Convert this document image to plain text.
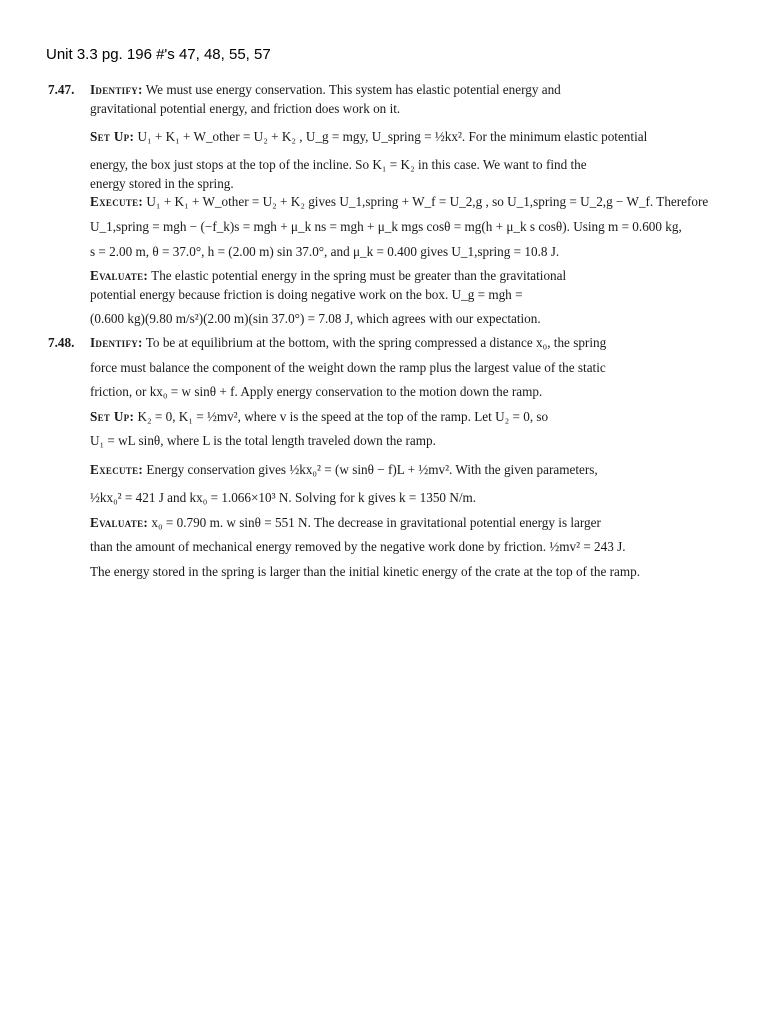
Unit 3.3 pg. 196 #'s 47, 48, 55, 57
7.47.	Identify: We must use energy conservation. This system has elastic potential energy and
gravitational potential energy, and friction does work on it.
Set Up: U₁ + K₁ + W_other = U₂ + K₂ , U_g = mgy, U_spring = ½kx². For the minimum elastic potential
energy, the box just stops at the top of the incline. So K₁ = K₂ in this case. We want to find the
energy stored in the spring.
Execute: U₁ + K₁ + W_other = U₂ + K₂ gives U_1,spring + W_f = U_2,g , so U_1,spring = U_2,g − W_f. Therefore
U_1,spring = mgh − (−f_k)s = mgh + μ_k ns = mgh + μ_k mgs cosθ = mg(h + μ_k s cosθ). Using m = 0.600 kg,
s = 2.00 m, θ = 37.0°, h = (2.00 m) sin 37.0°, and μ_k = 0.400 gives U_1,spring = 10.8 J.
Evaluate: The elastic potential energy in the spring must be greater than the gravitational
potential energy because friction is doing negative work on the box. U_g = mgh =
(0.600 kg)(9.80 m/s²)(2.00 m)(sin 37.0°) = 7.08 J, which agrees with our expectation.
7.48.	Identify: To be at equilibrium at the bottom, with the spring compressed a distance x₀, the spring
force must balance the component of the weight down the ramp plus the largest value of the static
friction, or kx₀ = w sinθ + f. Apply energy conservation to the motion down the ramp.
Set Up: K₂ = 0, K₁ = ½mv², where v is the speed at the top of the ramp. Let U₂ = 0, so
U₁ = wL sinθ, where L is the total length traveled down the ramp.
Execute: Energy conservation gives ½kx₀² = (w sinθ − f)L + ½mv². With the given parameters,
½kx₀² = 421 J and kx₀ = 1.066×10³ N. Solving for k gives k = 1350 N/m.
Evaluate: x₀ = 0.790 m. w sinθ = 551 N. The decrease in gravitational potential energy is larger
than the amount of mechanical energy removed by the negative work done by friction. ½mv² = 243 J.
The energy stored in the spring is larger than the initial kinetic energy of the crate at the top of the ramp.
